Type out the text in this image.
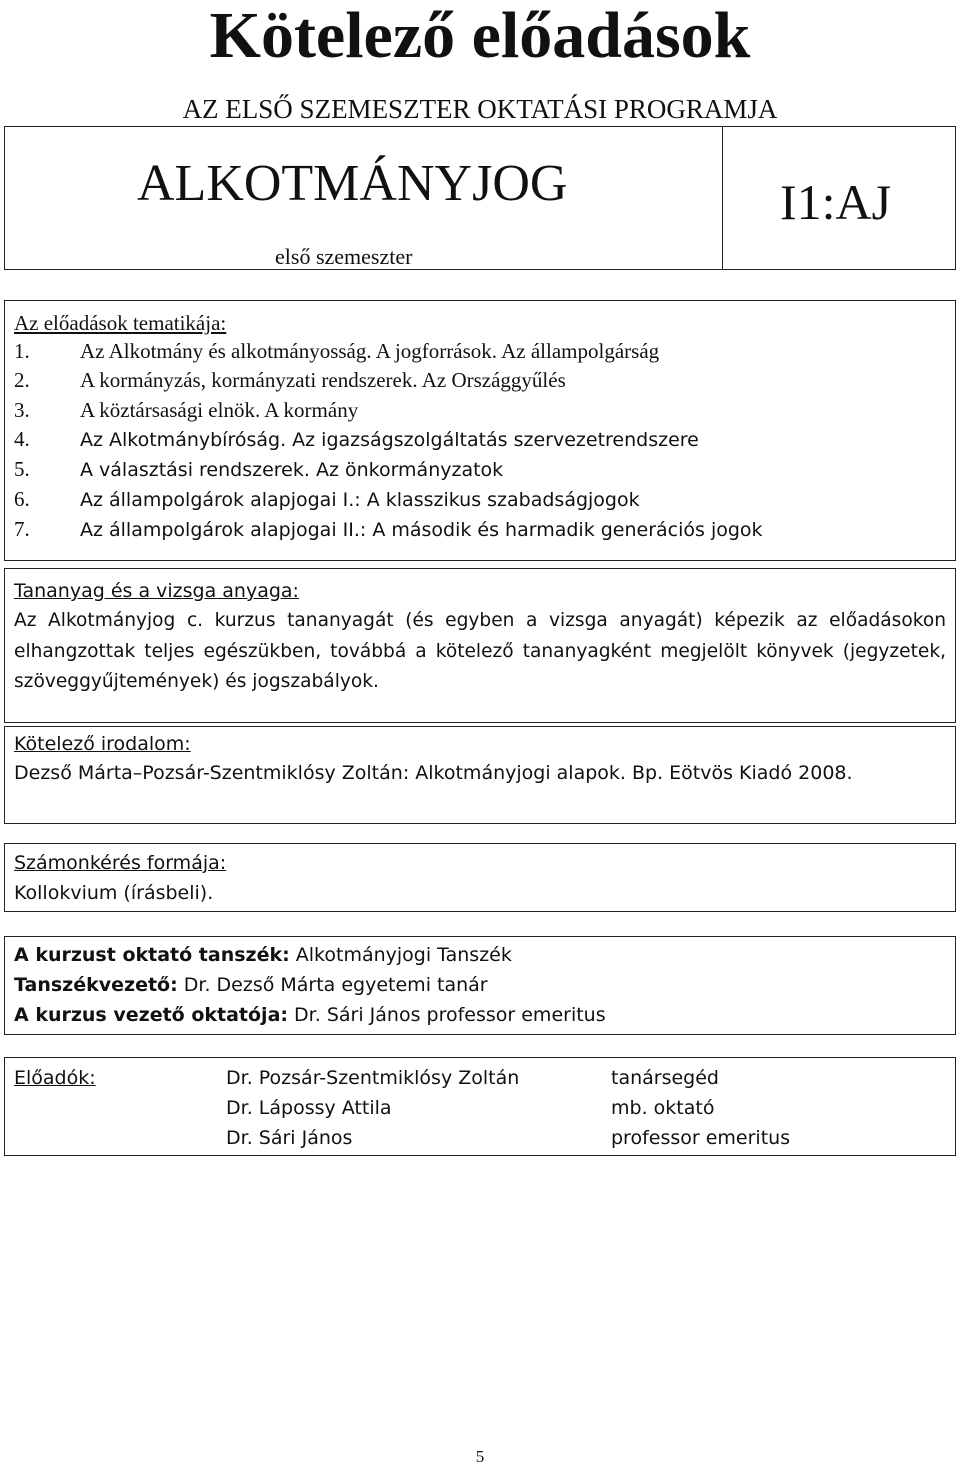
Kötelező előadások
AZ ELSŐ SZEMESZTER OKTATÁSI PROGRAMJA
ALKOTMÁNYJOG	I1:AJ
első szemeszter
Az előadások tematikája:
1. Az Alkotmány és alkotmányosság. A jogforrások. Az állampolgárság
2. A kormányzás, kormányzati rendszerek. Az Országgyűlés
3. A köztársasági elnök. A kormány
4.	Az Alkotmánybíróság. Az igazságszolgáltatás szervezetrendszere
5.	A választási rendszerek. Az önkormányzatok
6.	Az állampolgárok alapjogai I.: A klasszikus szabadságjogok
7.	Az állampolgárok alapjogai II.: A második és harmadik generációs jogok
Tananyag és a vizsga anyaga:
Az Alkotmányjog c. kurzus tananyagát (és egyben a vizsga anyagát) képezik az előadásokon elhangzottak teljes egészükben, továbbá a kötelező tananyagként megjelölt könyvek (jegyzetek, szöveggyűjtemények) és jogszabályok.
Kötelező irodalom:
Dezső Márta–Pozsár-Szentmiklósy Zoltán: Alkotmányjogi alapok. Bp. Eötvös Kiadó 2008.
Számonkérés formája:
Kollokvium (írásbeli).
A kurzust oktató tanszék: Alkotmányjogi Tanszék
Tanszékvezető: Dr. Dezső Márta egyetemi tanár
A kurzus vezető oktatója: Dr. Sári János professor emeritus
Előadók:	Dr. Pozsár-Szentmiklósy Zoltán	tanársegéd
Dr. Lápossy Attila	mb. oktató
Dr. Sári János	professor emeritus
5
